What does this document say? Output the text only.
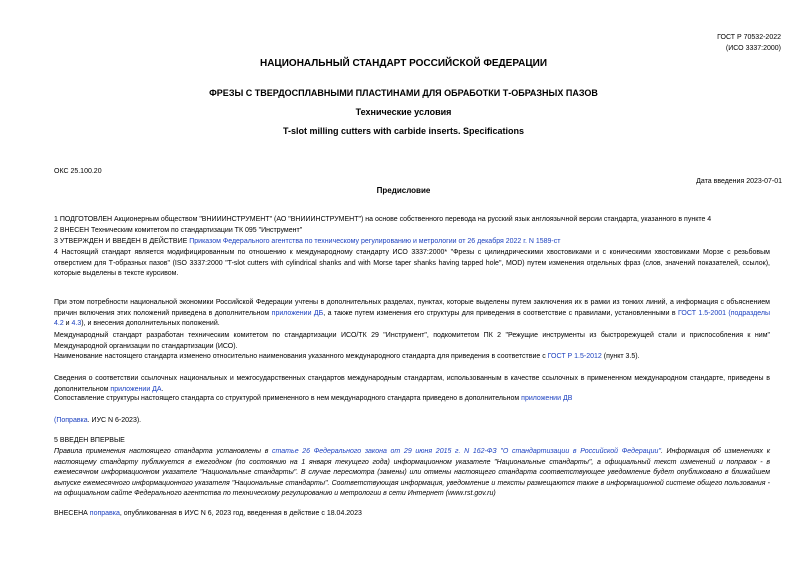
ГОСТ Р 70532-2022
(ИСО 3337:2000)
НАЦИОНАЛЬНЫЙ СТАНДАРТ РОССИЙСКОЙ ФЕДЕРАЦИИ
ФРЕЗЫ С ТВЕРДОСПЛАВНЫМИ ПЛАСТИНАМИ ДЛЯ ОБРАБОТКИ Т-ОБРАЗНЫХ ПАЗОВ
Технические условия
T-slot milling cutters with carbide inserts. Specifications
ОКС 25.100.20
Дата введения 2023-07-01
Предисловие
1 ПОДГОТОВЛЕН Акционерным обществом "ВНИИИНСТРУМЕНТ" (АО "ВНИИИНСТРУМЕНТ") на основе собственного перевода на русский язык англоязычной версии стандарта, указанного в пункте 4
2 ВНЕСЕН Техническим комитетом по стандартизации ТК 095 "Инструмент"
3 УТВЕРЖДЕН И ВВЕДЕН В ДЕЙСТВИЕ Приказом Федерального агентства по техническому регулированию и метрологии от 26 декабря 2022 г. N 1589-ст
4 Настоящий стандарт является модифицированным по отношению к международному стандарту ИСО 3337:2000* "Фрезы с цилиндрическими хвостовиками и с коническими хвостовиками Морзе с резьбовым отверстием для Т-образных пазов" (ISO 3337:2000 "T-slot cutters with cylindrical shanks and with Morse taper shanks having tapped hole", MOD) путем изменения отдельных фраз (слов, значений показателей, ссылок), которые выделены в тексте курсивом.
При этом потребности национальной экономики Российской Федерации учтены в дополнительных разделах, пунктах, которые выделены путем заключения их в рамки из тонких линий, а информация с объяснением причин включения этих положений приведена в дополнительном приложении ДБ, а также путем изменения его структуры для приведения в соответствие с правилами, установленными в ГОСТ 1.5-2001 (подразделы 4.2 и 4.3), и внесения дополнительных положений.
Международный стандарт разработан техническим комитетом по стандартизации ИСО/ТК 29 "Инструмент", подкомитетом ПК 2 "Режущие инструменты из быстрорежущей стали и приспособления к ним" Международной организации по стандартизации (ИСО).
Наименование настоящего стандарта изменено относительно наименования указанного международного стандарта для приведения в соответствие с ГОСТ Р 1.5-2012 (пункт 3.5).
Сведения о соответствии ссылочных национальных и межгосударственных стандартов международным стандартам, использованным в качестве ссылочных в примененном международном стандарте, приведены в дополнительном приложении ДА.
Сопоставление структуры настоящего стандарта со структурой примененного в нем международного стандарта приведено в дополнительном приложении ДВ
(Поправка. ИУС N 6-2023).
5 ВВЕДЕН ВПЕРВЫЕ
Правила применения настоящего стандарта установлены в статье 26 Федерального закона от 29 июня 2015 г. N 162-ФЗ "О стандартизации в Российской Федерации". Информация об изменениях к настоящему стандарту публикуется в ежегодном (по состоянию на 1 января текущего года) информационном указателе "Национальные стандарты", а официальный текст изменений и поправок - в ежемесячном информационном указателе "Национальные стандарты". В случае пересмотра (замены) или отмены настоящего стандарта соответствующее уведомление будет опубликовано в ближайшем выпуске ежемесячного информационного указателя "Национальные стандарты". Соответствующая информация, уведомление и тексты размещаются также в информационной системе общего пользования - на официальном сайте Федерального агентства по техническому регулированию и метрологии в сети Интернет (www.rst.gov.ru)
ВНЕСЕНА поправка, опубликованная в ИУС N 6, 2023 год, введенная в действие с 18.04.2023
